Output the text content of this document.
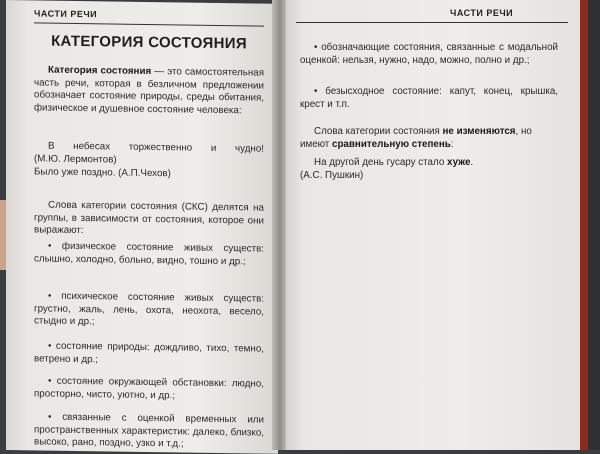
ЧАСТИ РЕЧИ
КАТЕГОРИЯ СОСТОЯНИЯ
Категория состояния — это самостоятельная часть речи, которая в безличном предложении обозначает состояние природы, среды обитания, физическое и душевное состояние человека:
В небесах торжественно и чудно!
(М.Ю. Лермонтов)
Было уже поздно. (А.П.Чехов)
Слова категории состояния (СКС) делятся на группы, в зависимости от состояния, которое они выражают:
• физическое состояние живых существ: слышно, холодно, больно, видно, тошно и др.;
• психическое состояние живых существ: грустно, жаль, лень, охота, неохота, весело, стыдно и др.;
• состояние природы: дождливо, тихо, темно, ветрено и др.;
• состояние окружающей обстановки: людно, просторно, чисто, уютно, и др.;
• связанные с оценкой временных или пространственных характеристик: далеко, близко, высоко, рано, поздно, узко и т.д.;
ЧАСТИ РЕЧИ
• обозначающие состояния, связанные с модальной оценкой: нельзя, нужно, надо, можно, полно и др.;
• безысходное состояние: капут, конец, крышка, крест и т.п.
Слова категории состояния не изменяются, но имеют сравнительную степень:
На другой день гусару стало хуже.
(А.С. Пушкин)
